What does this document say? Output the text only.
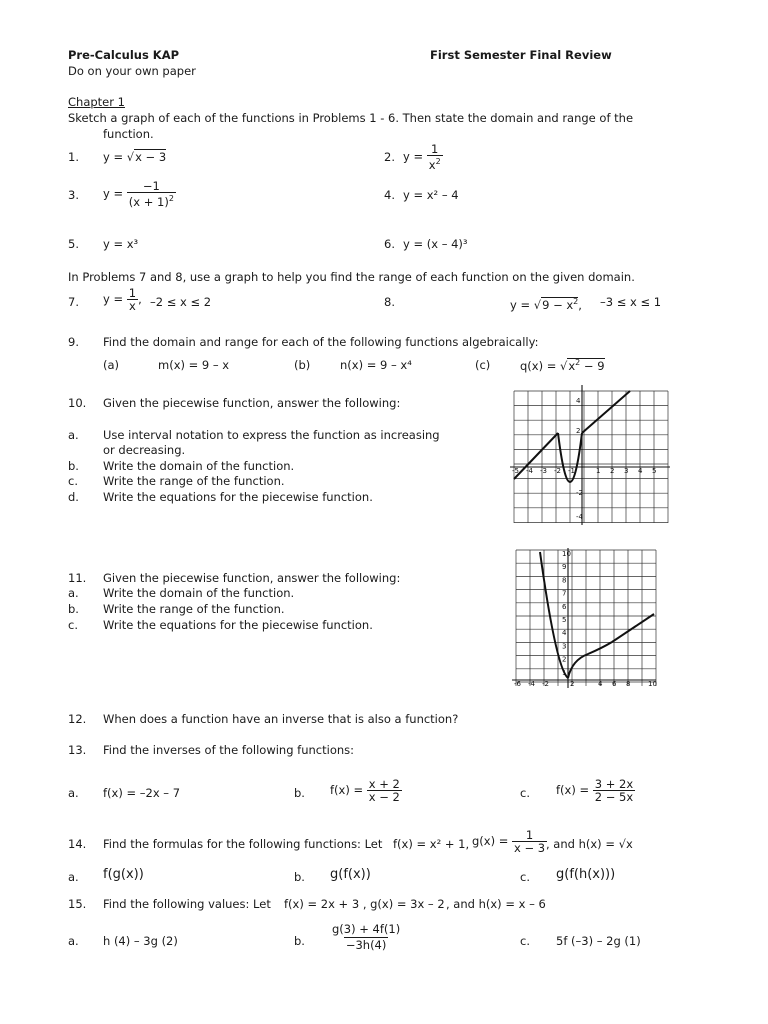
Pre-Calculus KAP	First Semester Final Review
Do on your own paper
Chapter 1
Sketch a graph of each of the functions in Problems 1 - 6. Then state the domain and range of the
function.
1. y = √x − 3	2. $y = \frac{1}{x^2}$
3. $y = \frac{-1}{(x + 1)^2}$	4. y = x² – 4
5. y = x³	6. y = (x – 4)³
In Problems 7 and 8, use a graph to help you find the range of each function on the given domain.
7. $y = \frac{1}{x}$ , –2 ≤ x ≤ 2	8.	$y = √9 - x^2$, –3 ≤ x ≤ 1
9. Find the domain and range for each of the following functions algebraically:
(a)	m(x) = 9 – x	(b)	n(x) = 9 – x⁴	(c)	$q(x) = √x^2 - 9$
10. Given the piecewise function, answer the following:
a. Use interval notation to express the function as increasing
or decreasing.
b. Write the domain of the function.
c. Write the range of the function.
d. Write the equations for the piecewise function.
-5 -4 -3 -2 -1	1 2 3 4 5
4
2
-2
-4
11. Given the piecewise function, answer the following:
a. Write the domain of the function.
b. Write the range of the function.
c. Write the equations for the piecewise function.
-6 -4 -2	2	4 6 8	10
10
9
8
7
6
5
4
3
2
1
12. When does a function have an inverse that is also a function?
13. Find the inverses of the following functions:
a. f(x) = –2x – 7	b. $f(x) = \frac{x + 2}{x - 2}$	c. $f(x) = \frac{3 + 2x}{2 - 5x}$
14. Find the formulas for the following functions: Let f(x) = x² + 1, $g(x) = \frac{1}{x - 3}$
, and h(x) = √x
a. f(g(x))	b. g(f(x))	c. g(f(h(x)))
15. Find the following values: Let f(x) = 2x + 3 , g(x) = 3x – 2 , and h(x) = x – 6
a. h (4) – 3g (2)	b. $\frac{g(3) + 4f(1)}{-3h(4)}$	c. 5f (–3) – 2g (1)
